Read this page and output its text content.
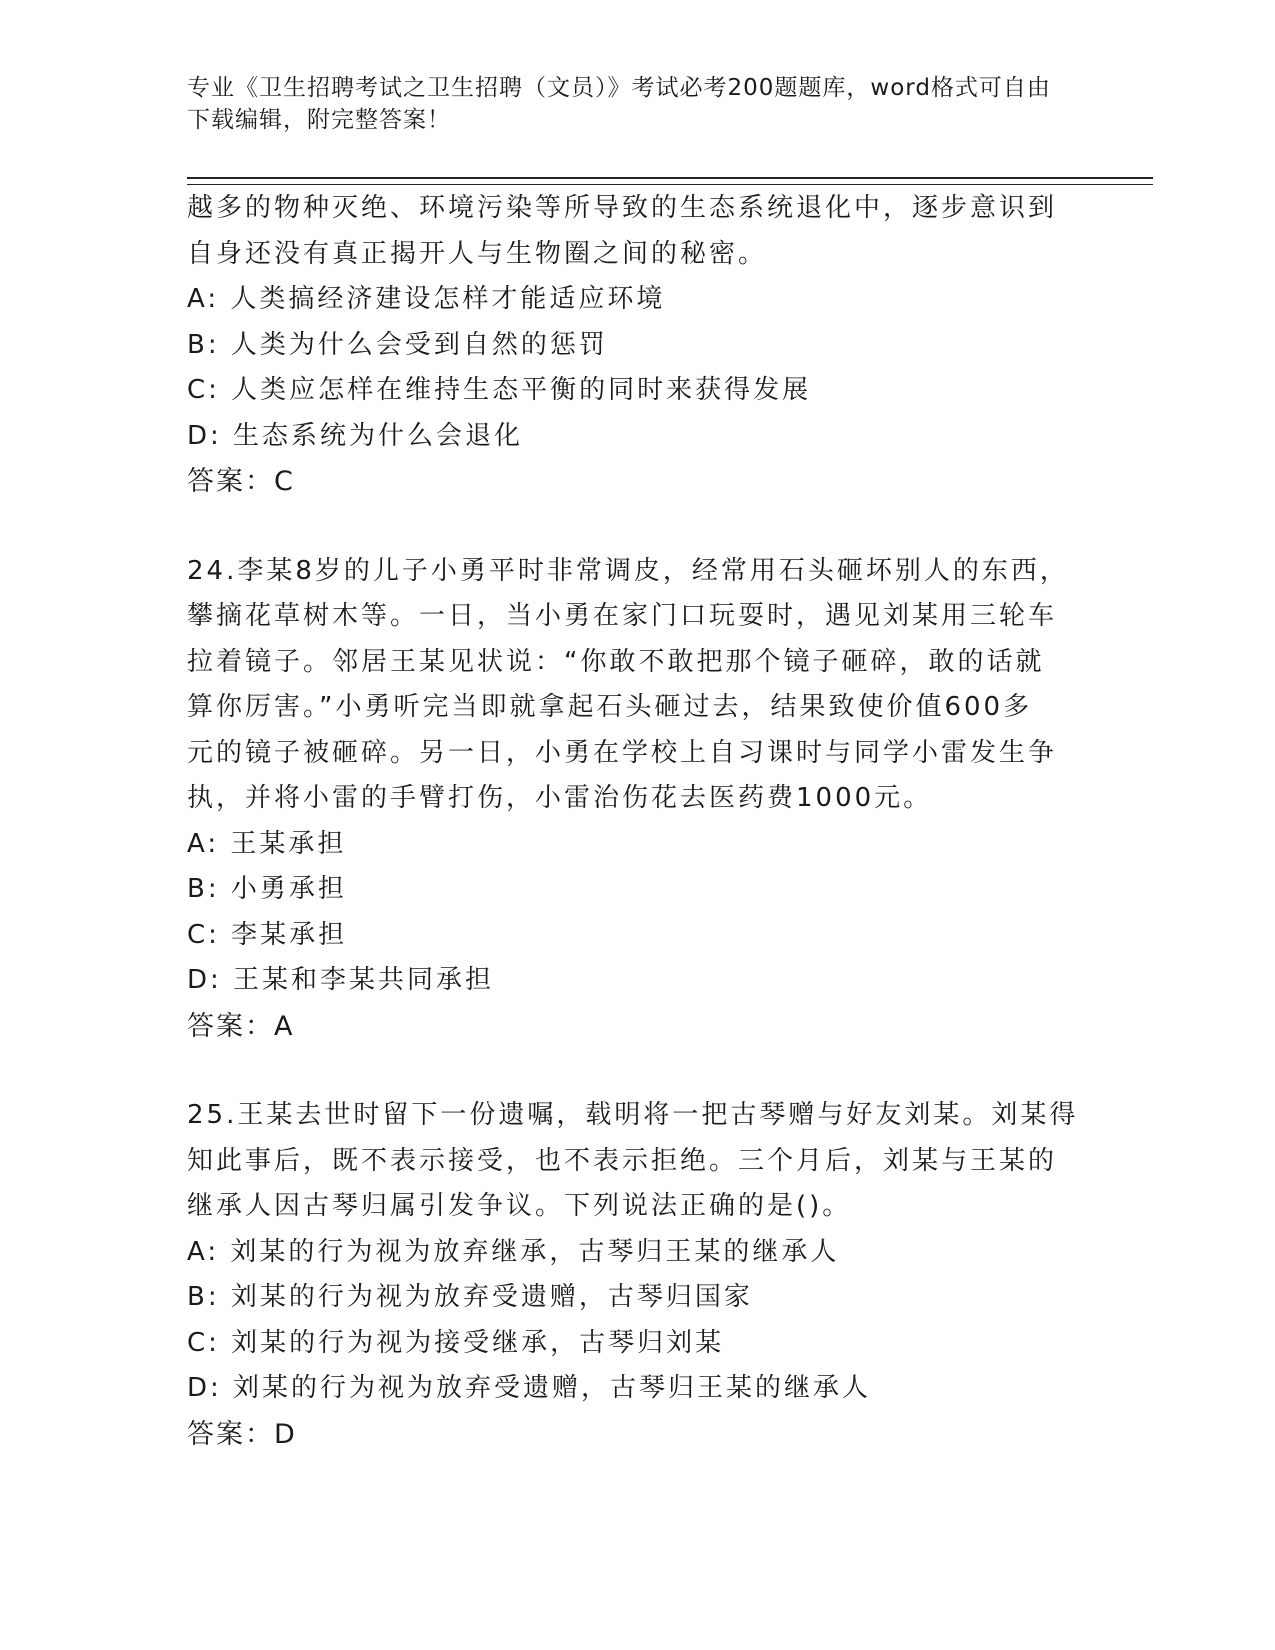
专业《卫生招聘考试之卫生招聘（文员）》考试必考200题题库，word格式可自由下载编辑，附完整答案！

越多的物种灭绝、环境污染等所导致的生态系统退化中，逐步意识到

自身还没有真正揭开人与生物圈之间的秘密。

A: 人类搞经济建设怎样才能适应环境

B: 人类为什么会受到自然的惩罚

C: 人类应怎样在维持生态平衡的同时来获得发展

D: 生态系统为什么会退化

答案：C

24.李某8岁的儿子小勇平时非常调皮，经常用石头砸坏别人的东西，

攀摘花草树木等。一日，当小勇在家门口玩耍时，遇见刘某用三轮车

拉着镜子。邻居王某见状说：“你敢不敢把那个镜子砸碎，敢的话就

算你厉害。”小勇听完当即就拿起石头砸过去，结果致使价值600多

元的镜子被砸碎。另一日，小勇在学校上自习课时与同学小雷发生争

执，并将小雷的手臂打伤，小雷治伤花去医药费1000元。

A: 王某承担

B: 小勇承担

C: 李某承担

D: 王某和李某共同承担

答案：A

25.王某去世时留下一份遗嘱，载明将一把古琴赠与好友刘某。刘某得

知此事后，既不表示接受，也不表示拒绝。三个月后，刘某与王某的

继承人因古琴归属引发争议。下列说法正确的是()。

A: 刘某的行为视为放弃继承，古琴归王某的继承人

B: 刘某的行为视为放弃受遗赠，古琴归国家

C: 刘某的行为视为接受继承，古琴归刘某

D: 刘某的行为视为放弃受遗赠，古琴归王某的继承人

答案：D
